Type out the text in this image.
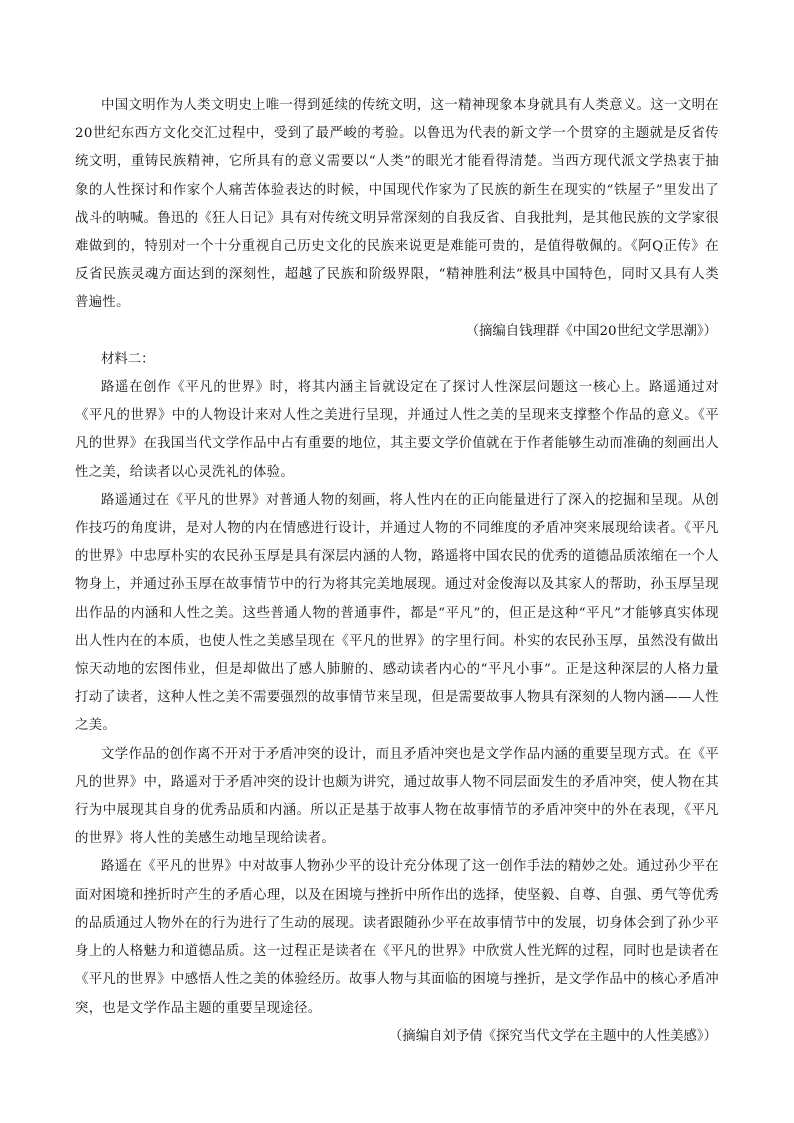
中国文明作为人类文明史上唯一得到延续的传统文明，这一精神现象本身就具有人类意义。这一文明在20世纪东西方文化交汇过程中，受到了最严峻的考验。以鲁迅为代表的新文学一个贯穿的主题就是反省传统文明，重铸民族精神，它所具有的意义需要以“人类”的眼光才能看得清楚。当西方现代派文学热衷于抽象的人性探讨和作家个人痛苦体验表达的时候，中国现代作家为了民族的新生在现实的“铁屋子”里发出了战斗的呐喊。鲁迅的《狂人日记》具有对传统文明异常深刻的自我反省、自我批判，是其他民族的文学家很难做到的，特别对一个十分重视自己历史文化的民族来说更是难能可贵的，是值得敬佩的。《阿Q正传》在反省民族灵魂方面达到的深刻性，超越了民族和阶级界限，“精神胜利法”极具中国特色，同时又具有人类普遍性。

（摘编自钱理群《中国20世纪文学思潮》）

材料二：

路遥在创作《平凡的世界》时，将其内涵主旨就设定在了探讨人性深层问题这一核心上。路遥通过对《平凡的世界》中的人物设计来对人性之美进行呈现，并通过人性之美的呈现来支撑整个作品的意义。《平凡的世界》在我国当代文学作品中占有重要的地位，其主要文学价值就在于作者能够生动而准确的刻画出人性之美，给读者以心灵洗礼的体验。

路遥通过在《平凡的世界》对普通人物的刻画，将人性内在的正向能量进行了深入的挖掘和呈现。从创作技巧的角度讲，是对人物的内在情感进行设计，并通过人物的不同维度的矛盾冲突来展现给读者。《平凡的世界》中忠厚朴实的农民孙玉厚是具有深层内涵的人物，路遥将中国农民的优秀的道德品质浓缩在一个人物身上，并通过孙玉厚在故事情节中的行为将其完美地展现。通过对金俊海以及其家人的帮助，孙玉厚呈现出作品的内涵和人性之美。这些普通人物的普通事件，都是“平凡”的，但正是这种“平凡”才能够真实体现出人性内在的本质，也使人性之美感呈现在《平凡的世界》的字里行间。朴实的农民孙玉厚，虽然没有做出惊天动地的宏图伟业，但是却做出了感人肺腑的、感动读者内心的“平凡小事”。正是这种深层的人格力量打动了读者，这种人性之美不需要强烈的故事情节来呈现，但是需要故事人物具有深刻的人物内涵——人性之美。

文学作品的创作离不开对于矛盾冲突的设计，而且矛盾冲突也是文学作品内涵的重要呈现方式。在《平凡的世界》中，路遥对于矛盾冲突的设计也颇为讲究，通过故事人物不同层面发生的矛盾冲突，使人物在其行为中展现其自身的优秀品质和内涵。所以正是基于故事人物在故事情节的矛盾冲突中的外在表现，《平凡的世界》将人性的美感生动地呈现给读者。

路遥在《平凡的世界》中对故事人物孙少平的设计充分体现了这一创作手法的精妙之处。通过孙少平在面对困境和挫折时产生的矛盾心理，以及在困境与挫折中所作出的选择，使坚毅、自尊、自强、勇气等优秀的品质通过人物外在的行为进行了生动的展现。读者跟随孙少平在故事情节中的发展，切身体会到了孙少平身上的人格魅力和道德品质。这一过程正是读者在《平凡的世界》中欣赏人性光辉的过程，同时也是读者在《平凡的世界》中感悟人性之美的体验经历。故事人物与其面临的困境与挫折，是文学作品中的核心矛盾冲突，也是文学作品主题的重要呈现途径。

（摘编自刘予倩《探究当代文学在主题中的人性美感》）
